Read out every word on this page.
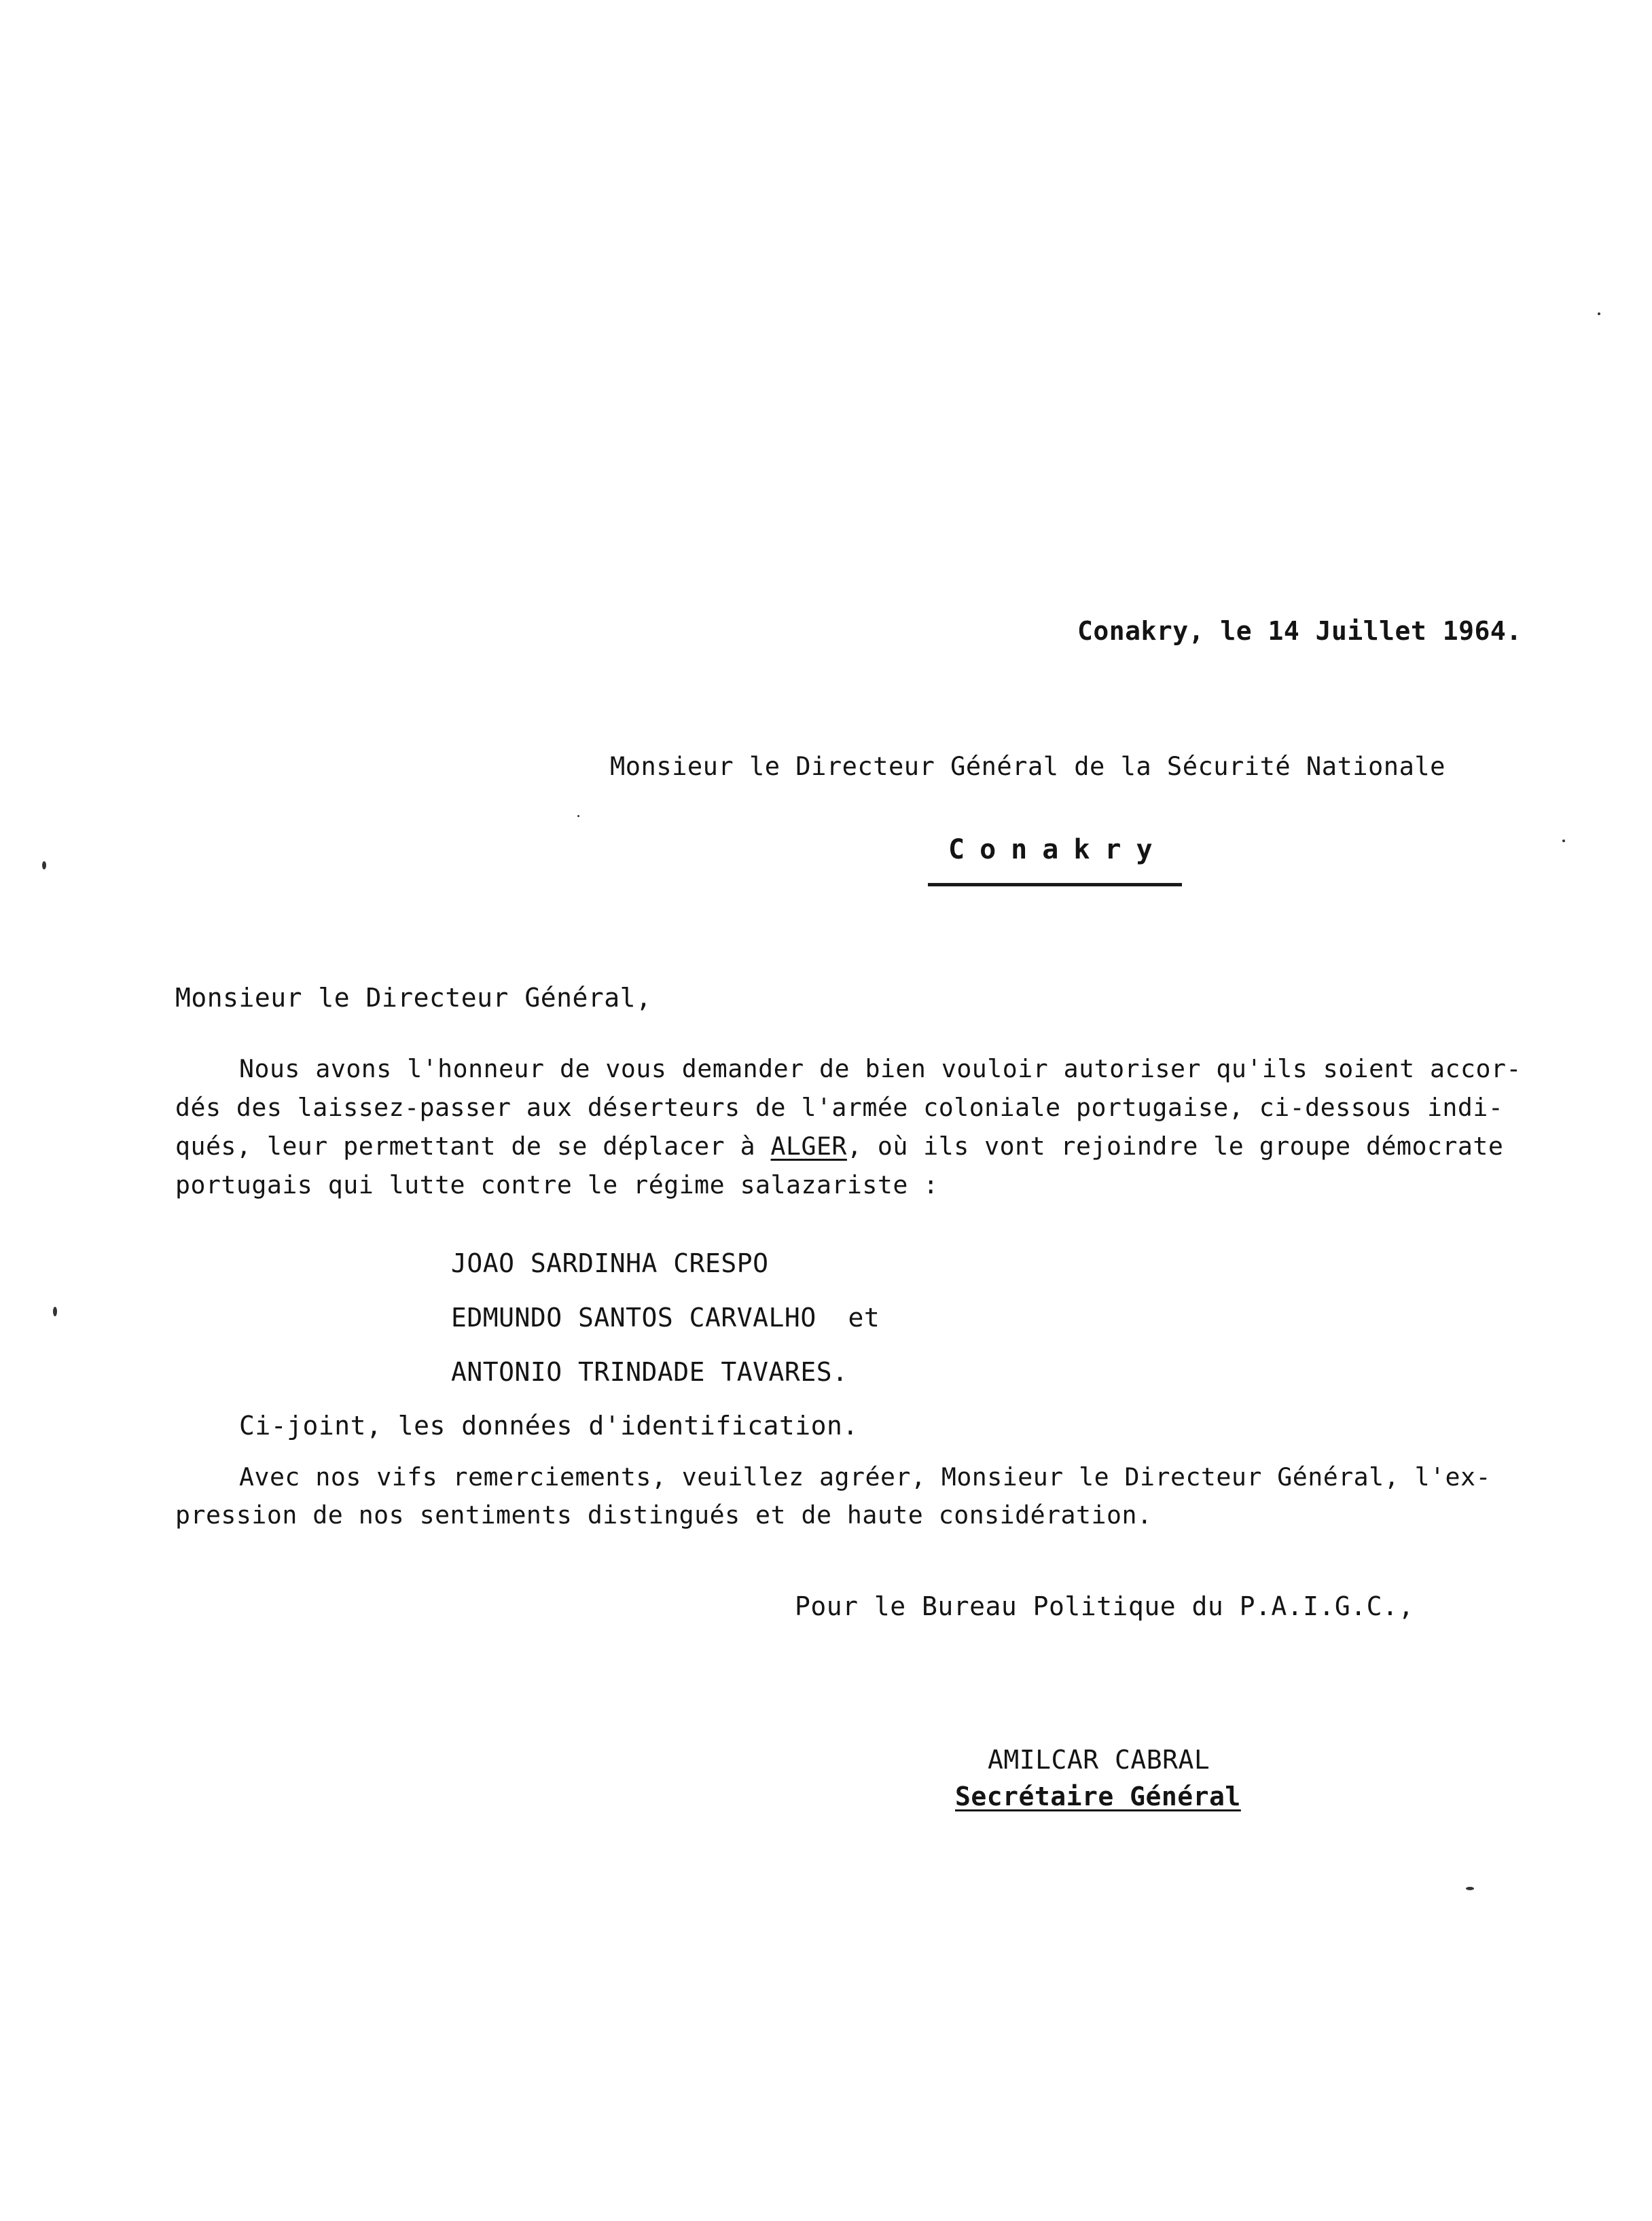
Conakry, le 14 Juillet 1964.
Monsieur le Directeur Général de la Sécurité Nationale
Conakry
Monsieur le Directeur Général,
Nous avons l'honneur de vous demander de bien vouloir autoriser qu'ils soient accor-
dés des laissez-passer aux déserteurs de l'armée coloniale portugaise, ci-dessous indi-
qués, leur permettant de se déplacer à ALGER, où ils vont rejoindre le groupe démocrate
portugais qui lutte contre le régime salazariste :
JOAO SARDINHA CRESPO
EDMUNDO SANTOS CARVALHO  et
ANTONIO TRINDADE TAVARES.
Ci-joint, les données d'identification.
Avec nos vifs remerciements, veuillez agréer, Monsieur le Directeur Général, l'ex-
pression de nos sentiments distingués et de haute considération.
Pour le Bureau Politique du P.A.I.G.C.,
AMILCAR CABRAL
Secrétaire Général
